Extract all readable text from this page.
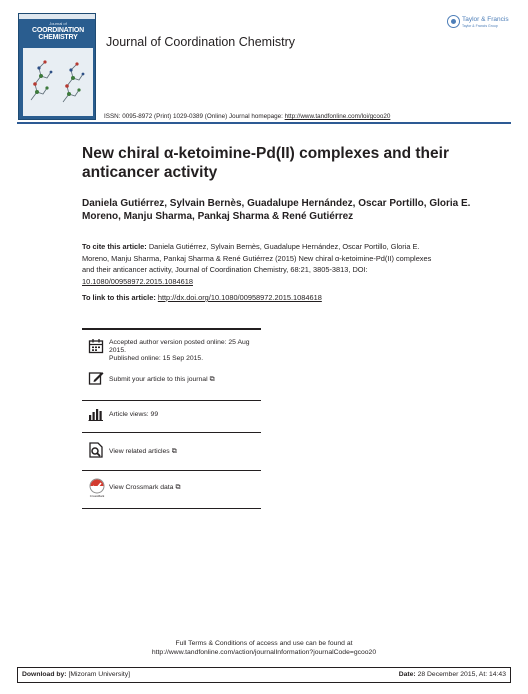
Journal of
COORDINATION
CHEMISTRY	Journal of Coordination Chemistry
Taylor & Francis
Taylor & Francis Group
ISSN: 0095-8972 (Print) 1029-0389 (Online) Journal homepage: http://www.tandfonline.com/loi/gcoo20
New chiral α-ketoimine-Pd(II) complexes and their anticancer activity
Daniela Gutiérrez, Sylvain Bernès, Guadalupe Hernández, Oscar Portillo, Gloria E. Moreno, Manju Sharma, Pankaj Sharma & René Gutiérrez
To cite this article: Daniela Gutiérrez, Sylvain Bernès, Guadalupe Hernández, Oscar Portillo, Gloria E. Moreno, Manju Sharma, Pankaj Sharma & René Gutiérrez (2015) New chiral α-ketoimine-Pd(II) complexes and their anticancer activity, Journal of Coordination Chemistry, 68:21, 3805-3813, DOI: 10.1080/00958972.2015.1084618
To link to this article: http://dx.doi.org/10.1080/00958972.2015.1084618
Accepted author version posted online: 25 Aug 2015.
Published online: 15 Sep 2015.
Submit your article to this journal ⧉
Article views: 99
View related articles ⧉
CrossMark
View Crossmark data ⧉
Full Terms & Conditions of access and use can be found at
http://www.tandfonline.com/action/journalInformation?journalCode=gcoo20
Download by: [Mizoram University]	Date: 28 December 2015, At: 14:43
